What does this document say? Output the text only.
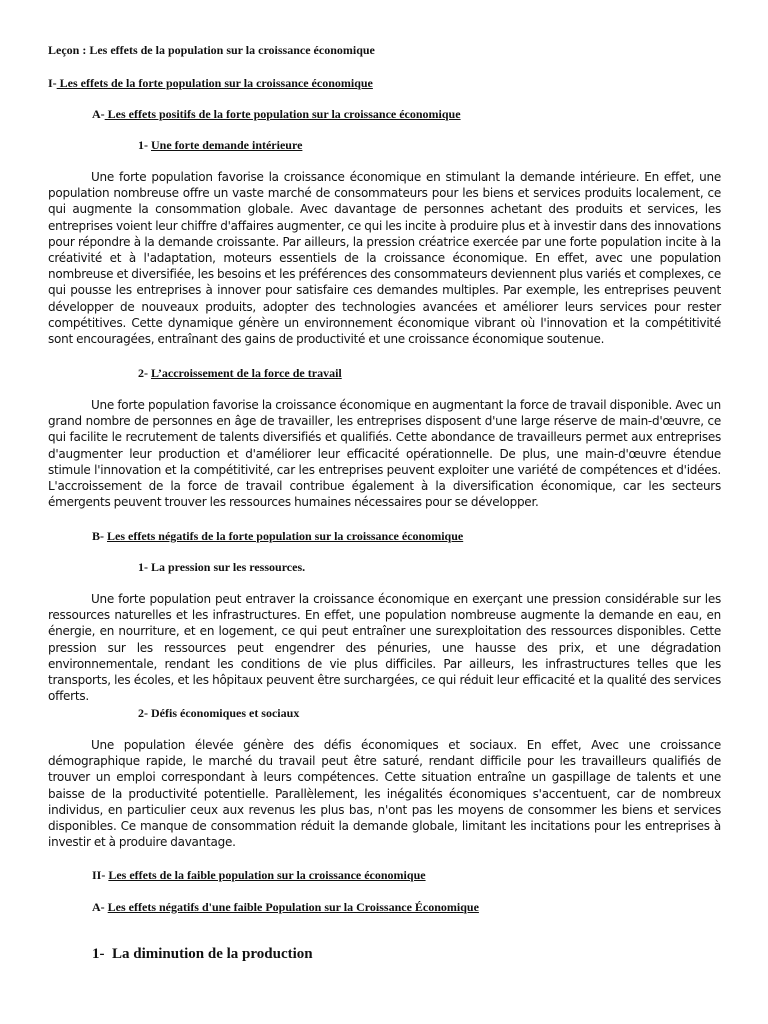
Leçon : Les effets de la population sur la croissance économique

I- Les effets de la forte population sur la croissance économique

A- Les effets positifs de la forte population sur la croissance économique

1- Une forte demande intérieure

Une forte population favorise la croissance économique en stimulant la demande intérieure. En effet, une population nombreuse offre un vaste marché de consommateurs pour les biens et services produits localement, ce qui augmente la consommation globale. Avec davantage de personnes achetant des produits et services, les entreprises voient leur chiffre d'affaires augmenter, ce qui les incite à produire plus et à investir dans des innovations pour répondre à la demande croissante. Par ailleurs, la pression créatrice exercée par une forte population incite à la créativité et à l'adaptation, moteurs essentiels de la croissance économique. En effet, avec une population nombreuse et diversifiée, les besoins et les préférences des consommateurs deviennent plus variés et complexes, ce qui pousse les entreprises à innover pour satisfaire ces demandes multiples. Par exemple, les entreprises peuvent développer de nouveaux produits, adopter des technologies avancées et améliorer leurs services pour rester compétitives. Cette dynamique génère un environnement économique vibrant où l'innovation et la compétitivité sont encouragées, entraînant des gains de productivité et une croissance économique soutenue.

2- L’accroissement de la force de travail

Une forte population favorise la croissance économique en augmentant la force de travail disponible. Avec un grand nombre de personnes en âge de travailler, les entreprises disposent d'une large réserve de main-d'œuvre, ce qui facilite le recrutement de talents diversifiés et qualifiés. Cette abondance de travailleurs permet aux entreprises d'augmenter leur production et d'améliorer leur efficacité opérationnelle. De plus, une main-d'œuvre étendue stimule l'innovation et la compétitivité, car les entreprises peuvent exploiter une variété de compétences et d'idées. L'accroissement de la force de travail contribue également à la diversification économique, car les secteurs émergents peuvent trouver les ressources humaines nécessaires pour se développer.

B- Les effets négatifs de la forte population sur la croissance économique

1- La pression sur les ressources.

Une forte population peut entraver la croissance économique en exerçant une pression considérable sur les ressources naturelles et les infrastructures. En effet, une population nombreuse augmente la demande en eau, en énergie, en nourriture, et en logement, ce qui peut entraîner une surexploitation des ressources disponibles. Cette pression sur les ressources peut engendrer des pénuries, une hausse des prix, et une dégradation environnementale, rendant les conditions de vie plus difficiles. Par ailleurs, les infrastructures telles que les transports, les écoles, et les hôpitaux peuvent être surchargées, ce qui réduit leur efficacité et la qualité des services offerts.

2- Défis économiques et sociaux

Une population élevée génère des défis économiques et sociaux. En effet, Avec une croissance démographique rapide, le marché du travail peut être saturé, rendant difficile pour les travailleurs qualifiés de trouver un emploi correspondant à leurs compétences. Cette situation entraîne un gaspillage de talents et une baisse de la productivité potentielle. Parallèlement, les inégalités économiques s'accentuent, car de nombreux individus, en particulier ceux aux revenus les plus bas, n'ont pas les moyens de consommer les biens et services disponibles. Ce manque de consommation réduit la demande globale, limitant les incitations pour les entreprises à investir et à produire davantage.

II- Les effets de la faible population sur la croissance économique

A- Les effets négatifs d'une faible Population sur la Croissance Économique

1- La diminution de la production
